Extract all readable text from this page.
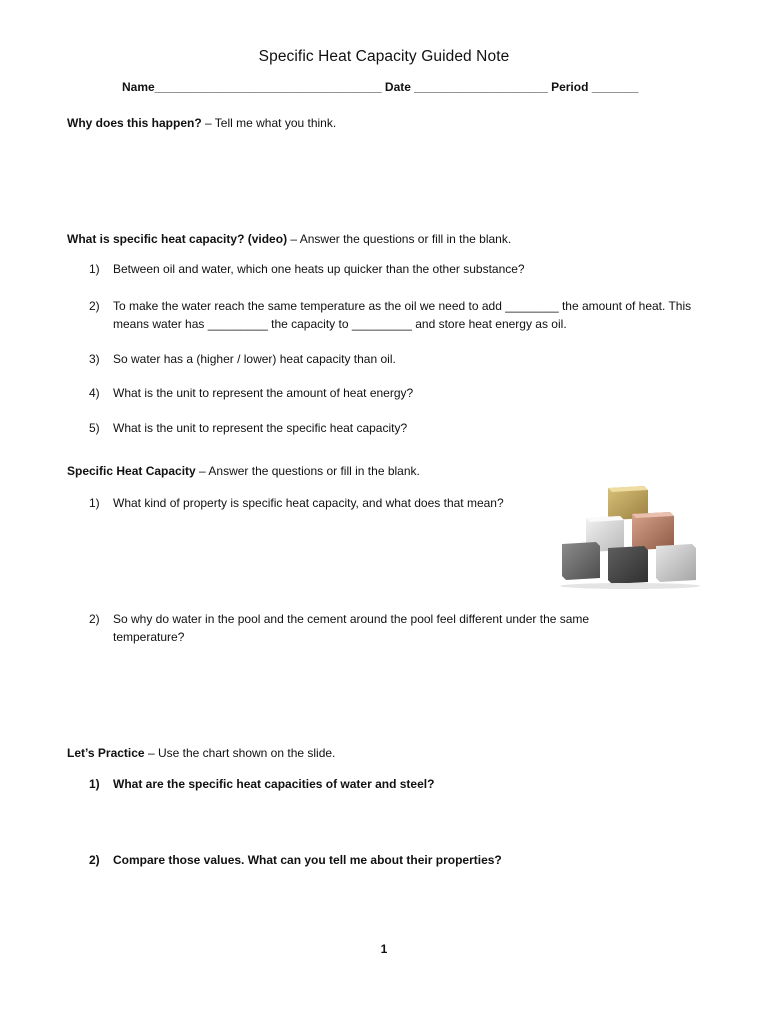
Specific Heat Capacity Guided Note
Name__________________________________ Date ____________________ Period _______
Why does this happen? – Tell me what you think.
What is specific heat capacity? (video) – Answer the questions or fill in the blank.
1)	Between oil and water, which one heats up quicker than the other substance?
2)	To make the water reach the same temperature as the oil we need to add ________ the amount of heat. This means water has _________ the capacity to _________ and store heat energy as oil.
3)	So water has a (higher / lower) heat capacity than oil.
4)	What is the unit to represent the amount of heat energy?
5)	What is the unit to represent the specific heat capacity?
Specific Heat Capacity – Answer the questions or fill in the blank.
1)	What kind of property is specific heat capacity, and what does that mean?
2)	So why do water in the pool and the cement around the pool feel different under the same temperature?
Let’s Practice – Use the chart shown on the slide.
1)	What are the specific heat capacities of water and steel?
2)	Compare those values. What can you tell me about their properties?
1
